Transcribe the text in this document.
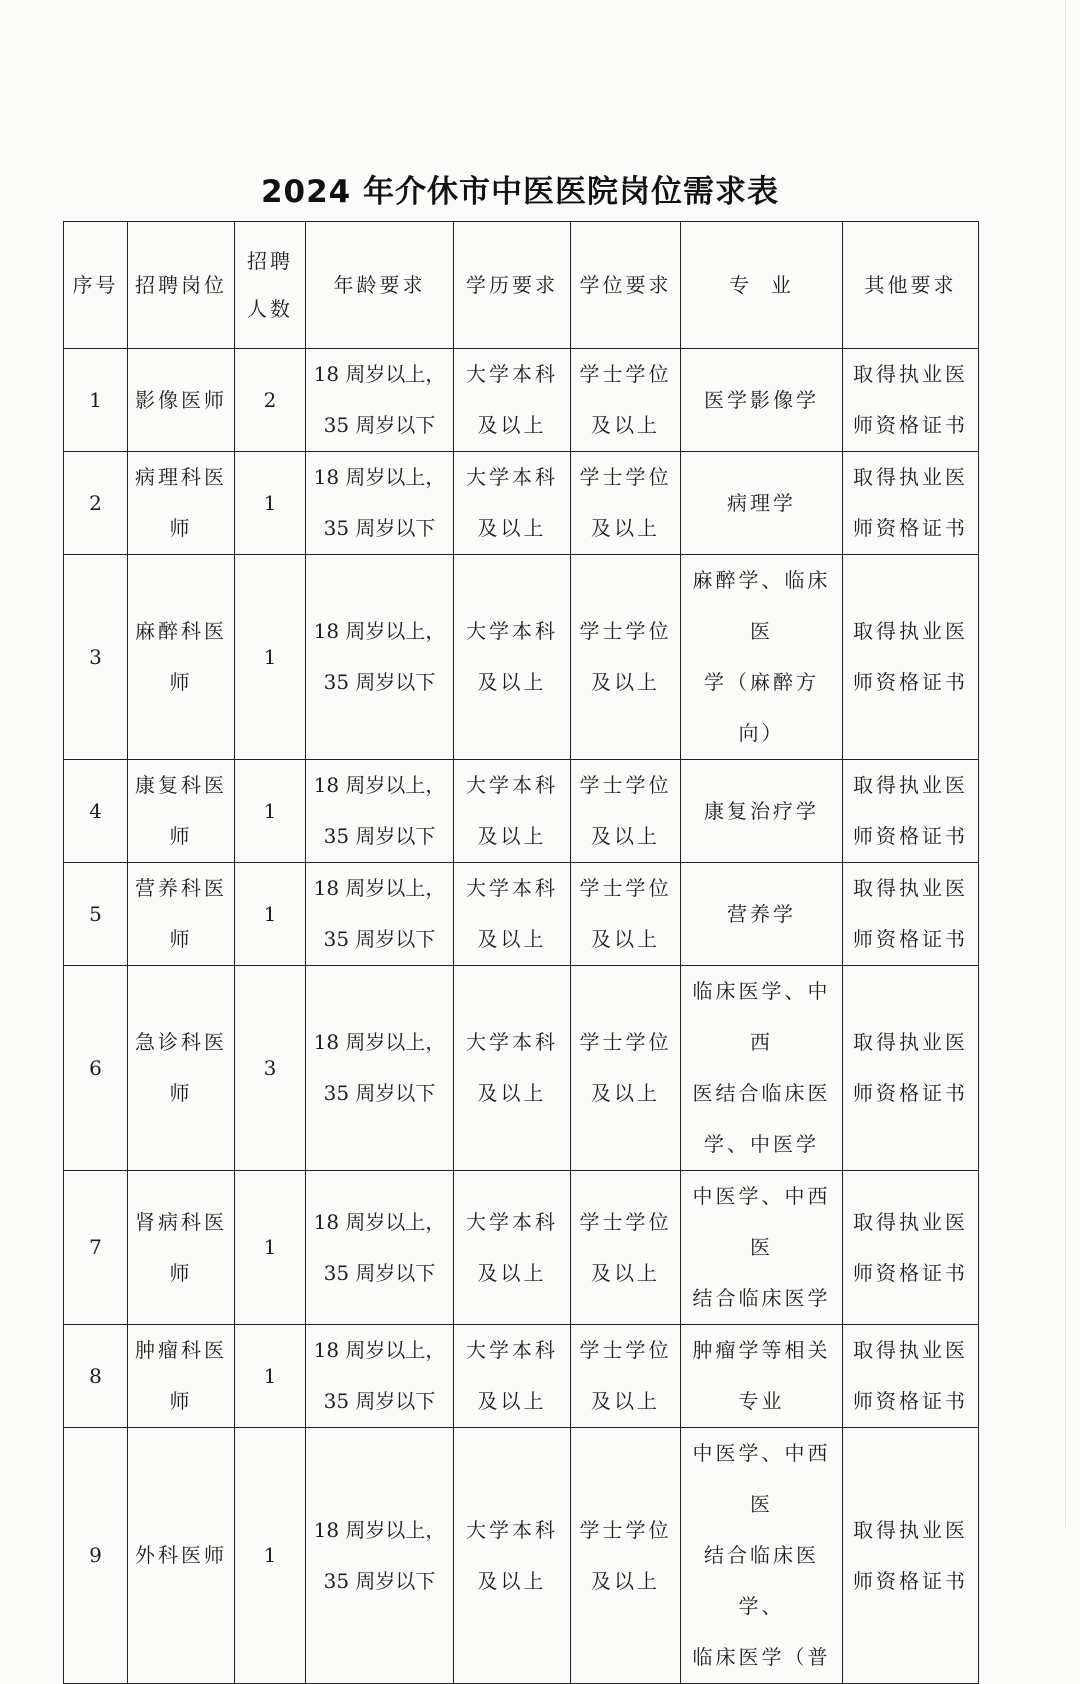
2024 年介休市中医医院岗位需求表
序号	招聘岗位	招聘
人数	年龄要求	学历要求	学位要求	专  业	其他要求
1	影像医师	2	18 周岁以上，
35 周岁以下	大学本科
及以上	学士学位
及以上	医学影像学	取得执业医
师资格证书

2	病理科医
师	1	18 周岁以上，
35 周岁以下	大学本科
及以上	学士学位
及以上	病理学	取得执业医
师资格证书

3	麻醉科医
师	1	18 周岁以上，
35 周岁以下	大学本科
及以上	学士学位
及以上	麻醉学、临床医
学（麻醉方向）	取得执业医
师资格证书

4	康复科医
师	1	18 周岁以上，
35 周岁以下	大学本科
及以上	学士学位
及以上	康复治疗学	取得执业医
师资格证书

5	营养科医
师	1	18 周岁以上，
35 周岁以下	大学本科
及以上	学士学位
及以上	营养学	取得执业医
师资格证书

6	急诊科医
师	3	18 周岁以上，
35 周岁以下	大学本科
及以上	学士学位
及以上	临床医学、中西
医结合临床医
学、中医学	取得执业医
师资格证书

7	肾病科医
师	1	18 周岁以上，
35 周岁以下	大学本科
及以上	学士学位
及以上	中医学、中西医
结合临床医学	取得执业医
师资格证书

8	肿瘤科医
师	1	18 周岁以上，
35 周岁以下	大学本科
及以上	学士学位
及以上	肿瘤学等相关
专业	取得执业医
师资格证书

9	外科医师	1	18 周岁以上，
35 周岁以下	大学本科
及以上	学士学位
及以上	中医学、中西医
结合临床医学、
临床医学（普	取得执业医
师资格证书
